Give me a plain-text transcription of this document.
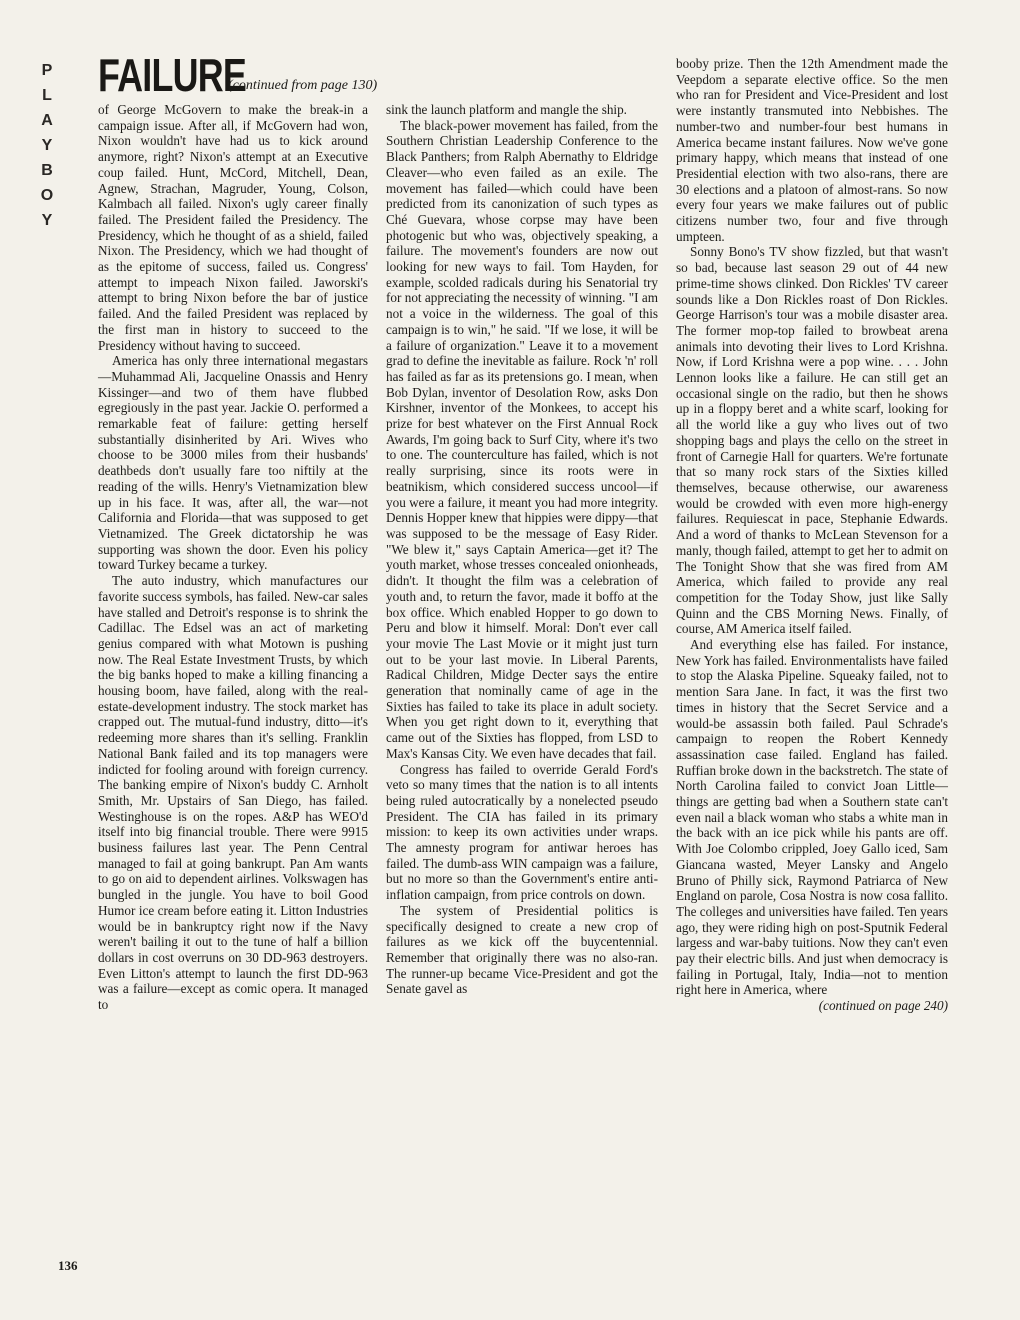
P
L
A
Y
B
O
Y
FAILURE
(continued from page 130)

of George McGovern to make the break-in a campaign issue. After all, if McGovern had won, Nixon wouldn't have had us to kick around anymore, right? Nixon's attempt at an Executive coup failed. Hunt, McCord, Mitchell, Dean, Agnew, Strachan, Magruder, Young, Colson, Kalmbach all failed. Nixon's ugly career finally failed. The President failed the Presidency. The Presidency, which he thought of as a shield, failed Nixon. The Presidency, which we had thought of as the epitome of success, failed us. Congress' attempt to impeach Nixon failed. Jaworski's attempt to bring Nixon before the bar of justice failed. And the failed President was replaced by the first man in history to succeed to the Presidency without having to succeed.

America has only three international megastars—Muhammad Ali, Jacqueline Onassis and Henry Kissinger—and two of them have flubbed egregiously in the past year. Jackie O. performed a remarkable feat of failure: getting herself substantially disinherited by Ari. Wives who choose to be 3000 miles from their husbands' deathbeds don't usually fare too niftily at the reading of the wills. Henry's Vietnamization blew up in his face. It was, after all, the war—not California and Florida—that was supposed to get Vietnamized. The Greek dictatorship he was supporting was shown the door. Even his policy toward Turkey became a turkey.

The auto industry, which manufactures our favorite success symbols, has failed. New-car sales have stalled and Detroit's response is to shrink the Cadillac. The Edsel was an act of marketing genius compared with what Motown is pushing now. The Real Estate Investment Trusts, by which the big banks hoped to make a killing financing a housing boom, have failed, along with the real-estate-development industry. The stock market has crapped out. The mutual-fund industry, ditto—it's redeeming more shares than it's selling. Franklin National Bank failed and its top managers were indicted for fooling around with foreign currency. The banking empire of Nixon's buddy C. Arnholt Smith, Mr. Upstairs of San Diego, has failed. Westinghouse is on the ropes. A&P has WEO'd itself into big financial trouble. There were 9915 business failures last year. The Penn Central managed to fail at going bankrupt. Pan Am wants to go on aid to dependent airlines. Volkswagen has bungled in the jungle. You have to boil Good Humor ice cream before eating it. Litton Industries would be in bankruptcy right now if the Navy weren't bailing it out to the tune of half a billion dollars in cost overruns on 30 DD-963 destroyers. Even Litton's attempt to launch the first DD-963 was a failure—except as comic opera. It managed to

sink the launch platform and mangle the ship.

The black-power movement has failed, from the Southern Christian Leadership Conference to the Black Panthers; from Ralph Abernathy to Eldridge Cleaver—who even failed as an exile. The movement has failed—which could have been predicted from its canonization of such types as Ché Guevara, whose corpse may have been photogenic but who was, objectively speaking, a failure. The movement's founders are now out looking for new ways to fail. Tom Hayden, for example, scolded radicals during his Senatorial try for not appreciating the necessity of winning. "I am not a voice in the wilderness. The goal of this campaign is to win," he said. "If we lose, it will be a failure of organization." Leave it to a movement grad to define the inevitable as failure. Rock 'n' roll has failed as far as its pretensions go. I mean, when Bob Dylan, inventor of Desolation Row, asks Don Kirshner, inventor of the Monkees, to accept his prize for best whatever on the First Annual Rock Awards, I'm going back to Surf City, where it's two to one. The counterculture has failed, which is not really surprising, since its roots were in beatnikism, which considered success uncool—if you were a failure, it meant you had more integrity. Dennis Hopper knew that hippies were dippy—that was supposed to be the message of Easy Rider. "We blew it," says Captain America—get it? The youth market, whose tresses concealed onionheads, didn't. It thought the film was a celebration of youth and, to return the favor, made it boffo at the box office. Which enabled Hopper to go down to Peru and blow it himself. Moral: Don't ever call your movie The Last Movie or it might just turn out to be your last movie. In Liberal Parents, Radical Children, Midge Decter says the entire generation that nominally came of age in the Sixties has failed to take its place in adult society. When you get right down to it, everything that came out of the Sixties has flopped, from LSD to Max's Kansas City. We even have decades that fail.

Congress has failed to override Gerald Ford's veto so many times that the nation is to all intents being ruled autocratically by a nonelected pseudo President. The CIA has failed in its primary mission: to keep its own activities under wraps. The amnesty program for antiwar heroes has failed. The dumb-ass WIN campaign was a failure, but no more so than the Government's entire anti-inflation campaign, from price controls on down.

The system of Presidential politics is specifically designed to create a new crop of failures as we kick off the buycentennial. Remember that originally there was no also-ran. The runner-up became Vice-President and got the Senate gavel as

booby prize. Then the 12th Amendment made the Veepdom a separate elective office. So the men who ran for President and Vice-President and lost were instantly transmuted into Nebbishes. The number-two and number-four best humans in America became instant failures. Now we've gone primary happy, which means that instead of one Presidential election with two also-rans, there are 30 elections and a platoon of almost-rans. So now every four years we make failures out of public citizens number two, four and five through umpteen.

Sonny Bono's TV show fizzled, but that wasn't so bad, because last season 29 out of 44 new prime-time shows clinked. Don Rickles' TV career sounds like a Don Rickles roast of Don Rickles. George Harrison's tour was a mobile disaster area. The former mop-top failed to browbeat arena animals into devoting their lives to Lord Krishna. Now, if Lord Krishna were a pop wine. . . . John Lennon looks like a failure. He can still get an occasional single on the radio, but then he shows up in a floppy beret and a white scarf, looking for all the world like a guy who lives out of two shopping bags and plays the cello on the street in front of Carnegie Hall for quarters. We're fortunate that so many rock stars of the Sixties killed themselves, because otherwise, our awareness would be crowded with even more high-energy failures. Requiescat in pace, Stephanie Edwards. And a word of thanks to McLean Stevenson for a manly, though failed, attempt to get her to admit on The Tonight Show that she was fired from AM America, which failed to provide any real competition for the Today Show, just like Sally Quinn and the CBS Morning News. Finally, of course, AM America itself failed.

And everything else has failed. For instance, New York has failed. Environmentalists have failed to stop the Alaska Pipeline. Squeaky failed, not to mention Sara Jane. In fact, it was the first two times in history that the Secret Service and a would-be assassin both failed. Paul Schrade's campaign to reopen the Robert Kennedy assassination case failed. England has failed. Ruffian broke down in the backstretch. The state of North Carolina failed to convict Joan Little—things are getting bad when a Southern state can't even nail a black woman who stabs a white man in the back with an ice pick while his pants are off. With Joe Colombo crippled, Joey Gallo iced, Sam Giancana wasted, Meyer Lansky and Angelo Bruno of Philly sick, Raymond Patriarca of New England on parole, Cosa Nostra is now cosa fallito. The colleges and universities have failed. Ten years ago, they were riding high on post-Sputnik Federal largess and war-baby tuitions. Now they can't even pay their electric bills. And just when democracy is failing in Portugal, Italy, India—not to mention right here in America, where

(continued on page 240)
136
